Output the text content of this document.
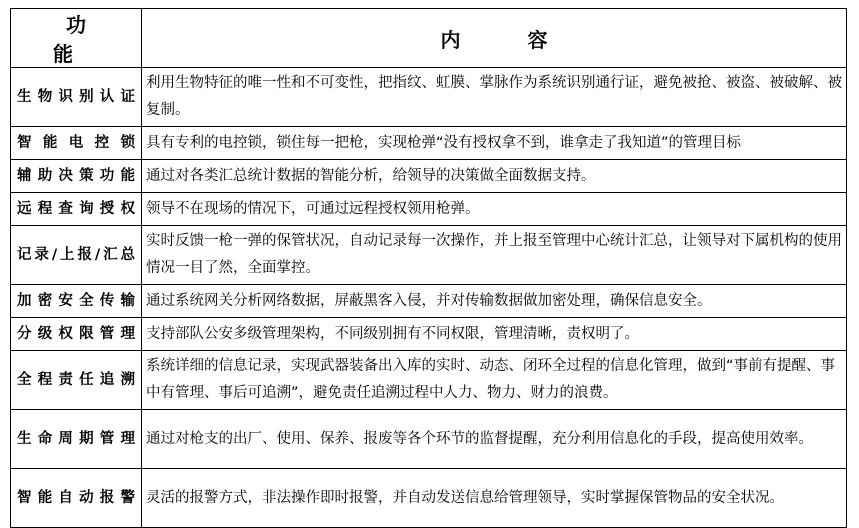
功 能	内 容
生物识别认证	利用生物特征的唯一性和不可变性，把指纹、虹膜、掌脉作为系统识别通行证，避免被抢、被盗、被破解、被复制。
智能电控锁	具有专利的电控锁，锁住每一把枪，实现枪弹“没有授权拿不到，谁拿走了我知道”的管理目标
辅助决策功能	通过对各类汇总统计数据的智能分析，给领导的决策做全面数据支持。
远程查询授权	领导不在现场的情况下，可通过远程授权领用枪弹。
记录/上报/汇总	实时反馈一枪一弹的保管状况，自动记录每一次操作，并上报至管理中心统计汇总，让领导对下属机构的使用情况一目了然，全面掌控。
加密安全传输	通过系统网关分析网络数据，屏蔽黑客入侵，并对传输数据做加密处理，确保信息安全。
分级权限管理	支持部队公安多级管理架构，不同级别拥有不同权限，管理清晰，责权明了。
全程责任追溯	系统详细的信息记录，实现武器装备出入库的实时、动态、闭环全过程的信息化管理，做到“事前有提醒、事中有管理、事后可追溯”，避免责任追溯过程中人力、物力、财力的浪费。
生命周期管理	通过对枪支的出厂、使用、保养、报废等各个环节的监督提醒，充分利用信息化的手段，提高使用效率。
智能自动报警	灵活的报警方式，非法操作即时报警，并自动发送信息给管理领导，实时掌握保管物品的安全状况。
